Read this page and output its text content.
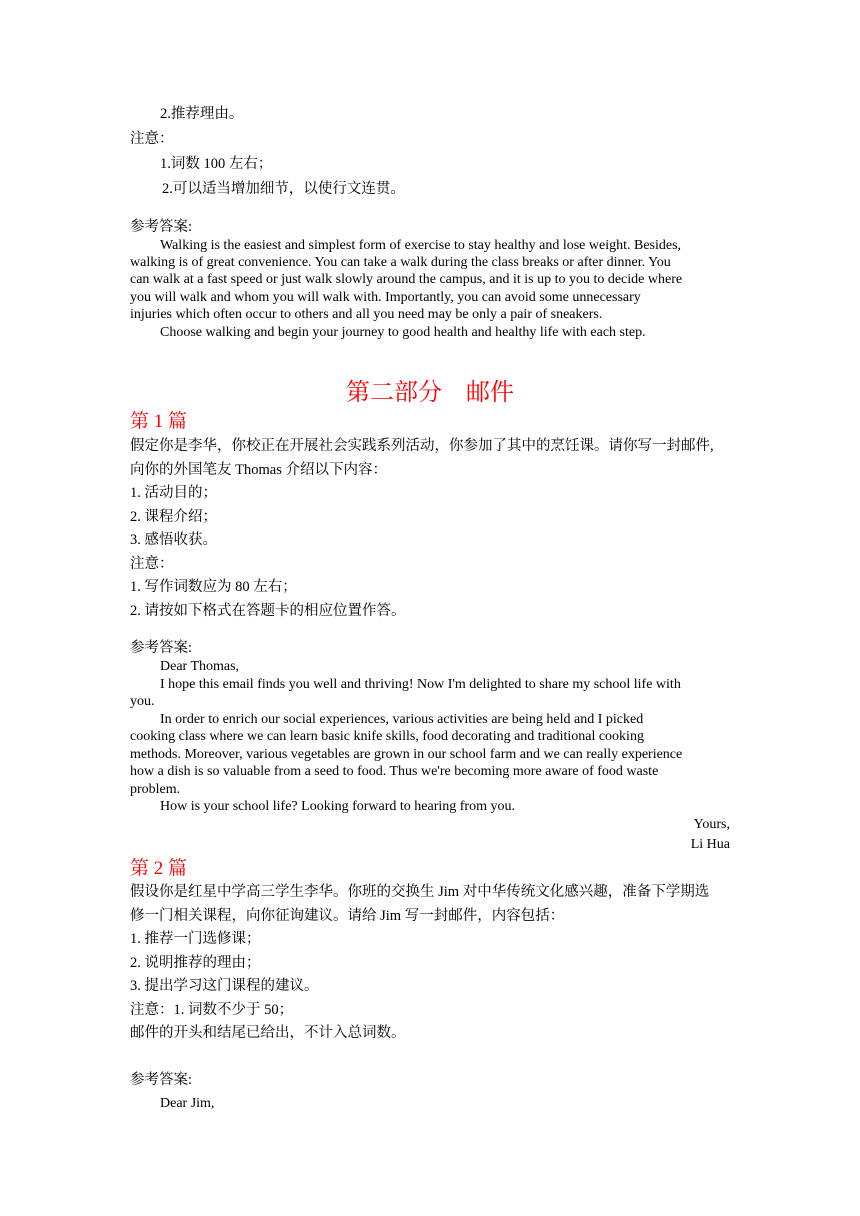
2.推荐理由。
注意：
1.词数 100 左右；
2.可以适当增加细节，以使行文连贯。
参考答案:
Walking is the easiest and simplest form of exercise to stay healthy and lose weight. Besides,
walking is of great convenience. You can take a walk during the class breaks or after dinner. You
can walk at a fast speed or just walk slowly around the campus, and it is up to you to decide where
you will walk and whom you will walk with. Importantly, you can avoid some unnecessary
injuries which often occur to others and all you need may be only a pair of sneakers.
Choose walking and begin your journey to good health and healthy life with each step.
第二部分　邮件
第 1 篇
假定你是李华，你校正在开展社会实践系列活动，你参加了其中的烹饪课。请你写一封邮件,
向你的外国笔友 Thomas 介绍以下内容：
1. 活动目的；
2. 课程介绍；
3. 感悟收获。
注意：
1. 写作词数应为 80 左右；
2. 请按如下格式在答题卡的相应位置作答。
参考答案:
Dear Thomas,
I hope this email finds you well and thriving! Now I'm delighted to share my school life with
you.
In order to enrich our social experiences, various activities are being held and I picked
cooking class where we can learn basic knife skills, food decorating and traditional cooking
methods. Moreover, various vegetables are grown in our school farm and we can really experience
how a dish is so valuable from a seed to food. Thus we're becoming more aware of food waste
problem.
How is your school life? Looking forward to hearing from you.
Yours,
Li Hua
第 2 篇
假设你是红星中学高三学生李华。你班的交换生 Jim 对中华传统文化感兴趣，准备下学期选
修一门相关课程，向你征询建议。请给 Jim 写一封邮件，内容包括：
1. 推荐一门选修课；
2. 说明推荐的理由；
3. 提出学习这门课程的建议。
注意：1. 词数不少于 50；
邮件的开头和结尾已给出，不计入总词数。
参考答案:
Dear Jim,
